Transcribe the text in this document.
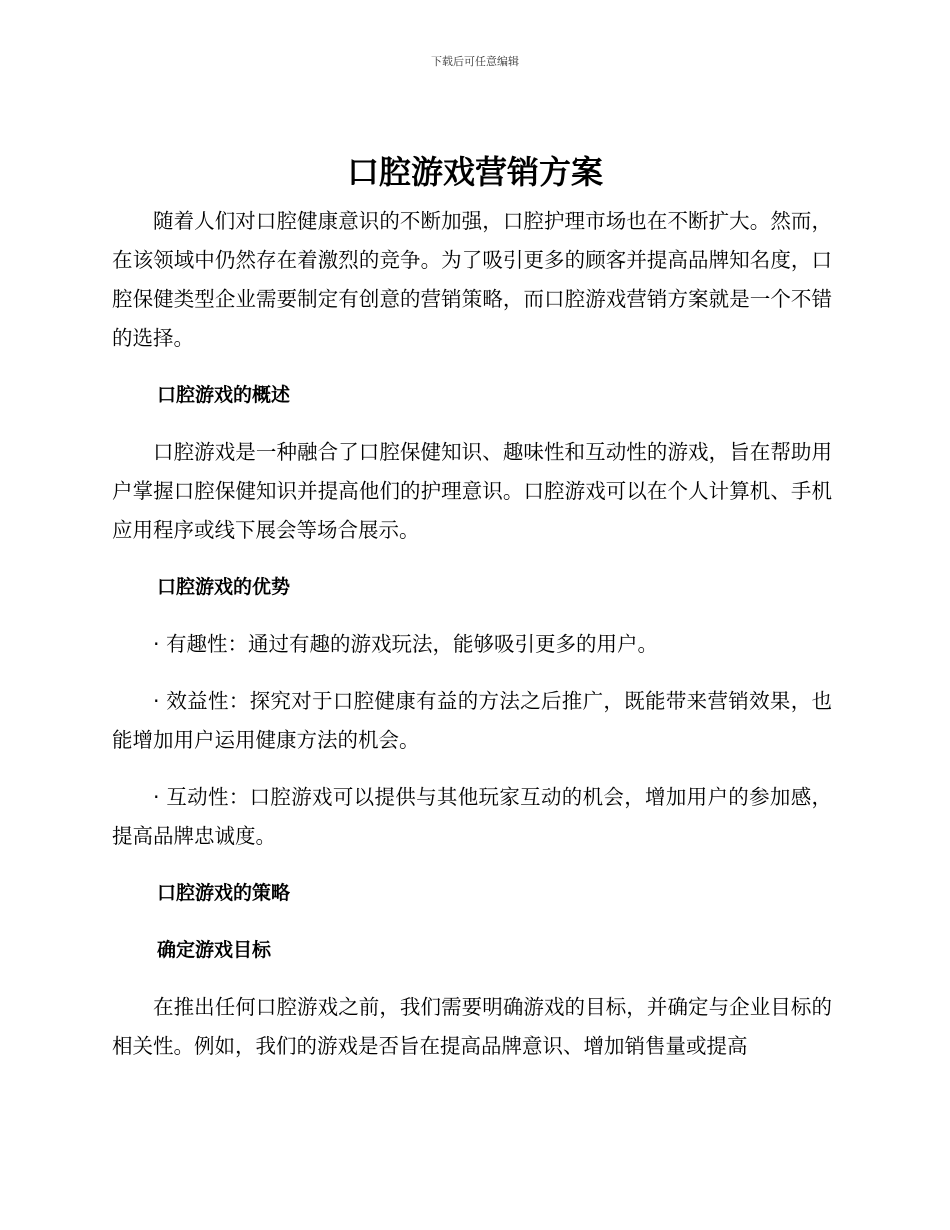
下载后可任意编辑
口腔游戏营销方案

随着人们对口腔健康意识的不断加强，口腔护理市场也在不断扩大。然而，在该领域中仍然存在着激烈的竞争。为了吸引更多的顾客并提高品牌知名度，口腔保健类型企业需要制定有创意的营销策略，而口腔游戏营销方案就是一个不错的选择。

口腔游戏的概述

口腔游戏是一种融合了口腔保健知识、趣味性和互动性的游戏，旨在帮助用户掌握口腔保健知识并提高他们的护理意识。口腔游戏可以在个人计算机、手机应用程序或线下展会等场合展示。

口腔游戏的优势

· 有趣性：通过有趣的游戏玩法，能够吸引更多的用户。

· 效益性：探究对于口腔健康有益的方法之后推广，既能带来营销效果，也能增加用户运用健康方法的机会。

· 互动性：口腔游戏可以提供与其他玩家互动的机会，增加用户的参加感，提高品牌忠诚度。

口腔游戏的策略
确定游戏目标

在推出任何口腔游戏之前，我们需要明确游戏的目标，并确定与企业目标的相关性。例如，我们的游戏是否旨在提高品牌意识、增加销售量或提高
